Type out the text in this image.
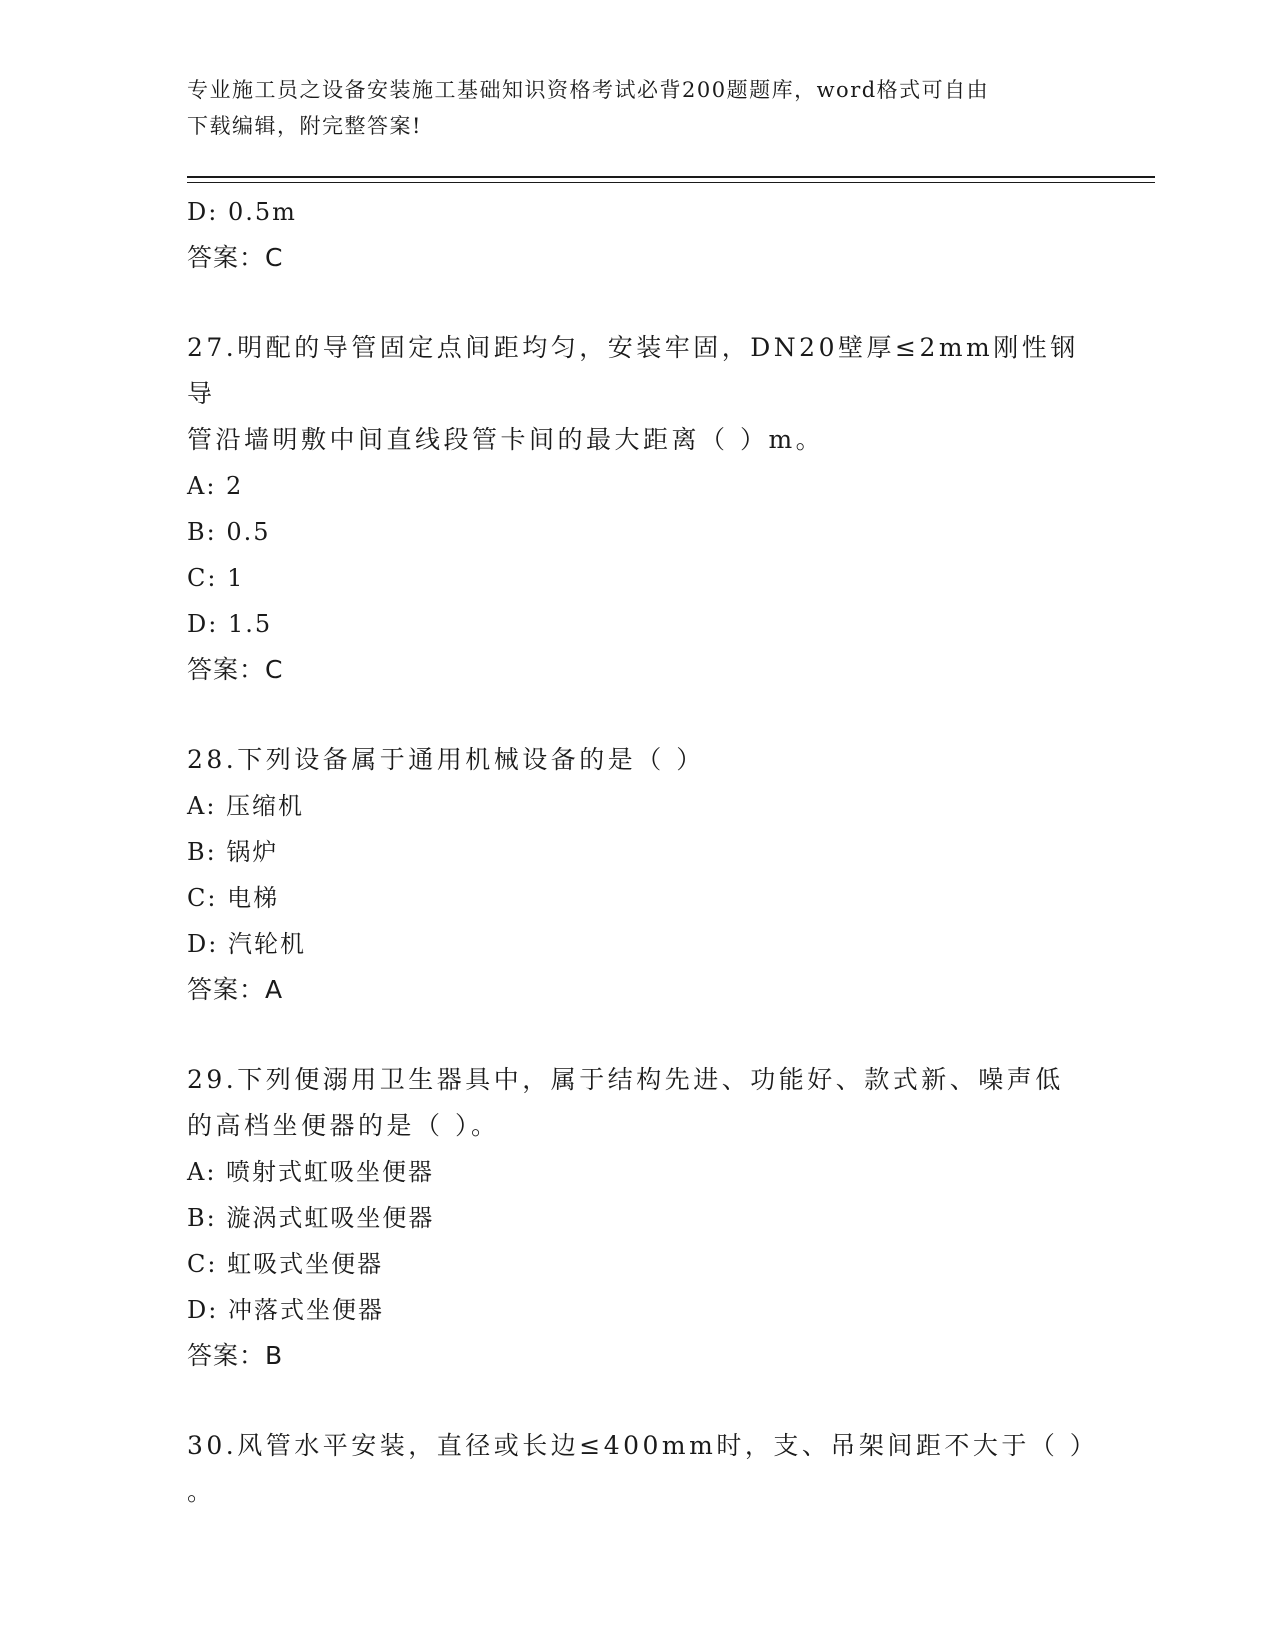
专业施工员之设备安装施工基础知识资格考试必背200题题库，word格式可自由
下载编辑，附完整答案!
D: 0.5m
答案：C
27.明配的导管固定点间距均匀，安装牢固，DN20壁厚≤2mm刚性钢导
管沿墙明敷中间直线段管卡间的最大距离（ ）m。
A: 2
B: 0.5
C: 1
D: 1.5
答案：C
28.下列设备属于通用机械设备的是（ ）
A: 压缩机
B: 锅炉
C: 电梯
D: 汽轮机
答案：A
29.下列便溺用卫生器具中，属于结构先进、功能好、款式新、噪声低
的高档坐便器的是（ ）。
A: 喷射式虹吸坐便器
B: 漩涡式虹吸坐便器
C: 虹吸式坐便器
D: 冲落式坐便器
答案：B
30.风管水平安装，直径或长边≤400mm时，支、吊架间距不大于（ ）
。
